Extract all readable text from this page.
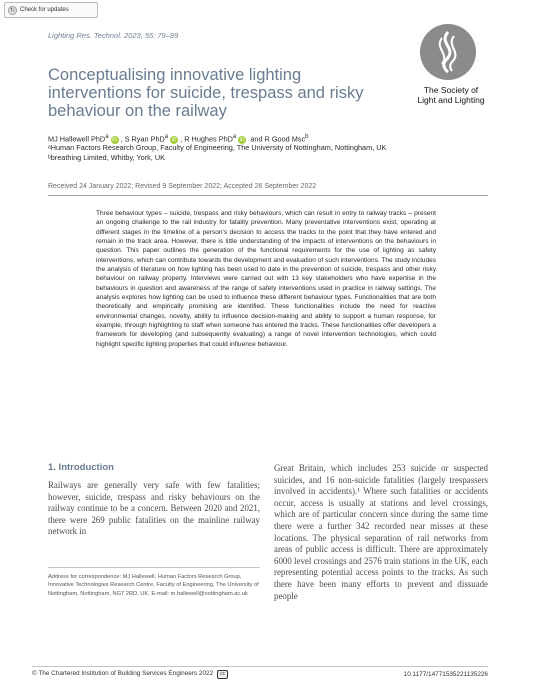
↻ Check for updates
Lighting Res. Technol. 2023; 55: 79–99
The Society of
Light and Lighting
Conceptualising innovative lighting interventions for suicide, trespass and risky behaviour on the railway
MJ Hallewell PhD$^a$ iD , S Ryan PhD$^a$ iD , R Hughes PhD$^a$ iD and R Good Msc$^b$
ᵃHuman Factors Research Group, Faculty of Engineering, The University of Nottingham, Nottingham, UK
ᵇbreathing Limited, Whitby, York, UK
Received 24 January 2022; Revised 9 September 2022; Accepted 26 September 2022
Three behaviour types – suicide, trespass and risky behaviours, which can result in entry to railway tracks – present an ongoing challenge to the rail industry for fatality prevention. Many preventative interventions exist, operating at different stages in the timeline of a person’s decision to access the tracks to the point that they have entered and remain in the track area. However, there is little understanding of the impacts of interventions on the behaviours in question. This paper outlines the generation of the functional requirements for the use of lighting as safety interventions, which can contribute towards the development and evaluation of such interventions. The study includes the analysis of literature on how lighting has been used to date in the prevention of suicide, trespass and other risky behaviour on railway property. Interviews were carried out with 13 key stakeholders who have expertise in the behaviours in question and awareness of the range of safety interventions used in practice in railway settings. The analysis explores how lighting can be used to influence these different behaviour types. Functionalities that are both theoretically and empirically promising are identified. These functionalities include the need for reactive environmental changes, novelty, ability to influence decision-making and ability to support a human response, for example, through highlighting to staff when someone has entered the tracks. These functionalities offer developers a framework for developing (and subsequently evaluating) a range of novel intervention technologies, which could highlight specific lighting properties that could influence behaviour.
1. Introduction
Railways are generally very safe with few fatalities; however, suicide, trespass and risky behaviours on the railway continue to be a concern. Between 2020 and 2021, there were 269 public fatalities on the mainline railway network in
Great Britain, which includes 253 suicide or suspected suicides, and 16 non-suicide fatalities (largely trespassers involved in accidents).¹ Where such fatalities or accidents occur, access is usually at stations and level crossings, which are of particular concern since during the same time there were a further 342 recorded near misses at these locations. The physical separation of rail networks from areas of public access is difficult. There are approximately 6000 level crossings and 2576 train stations in the UK, each representing potential access points to the tracks. As such there have been many efforts to prevent and dissuade people
Address for correspondence: MJ Hallewell, Human Factors Research Group, Innovative Technologies Research Centre, Faculty of Engineering, The University of Nottingham, Nottingham, NG7 2RD, UK. E-mail: m.hallewell@nottingham.ac.uk
© The Chartered Institution of Building Services Engineers 2022 cc	10.1177/14771535221135226
